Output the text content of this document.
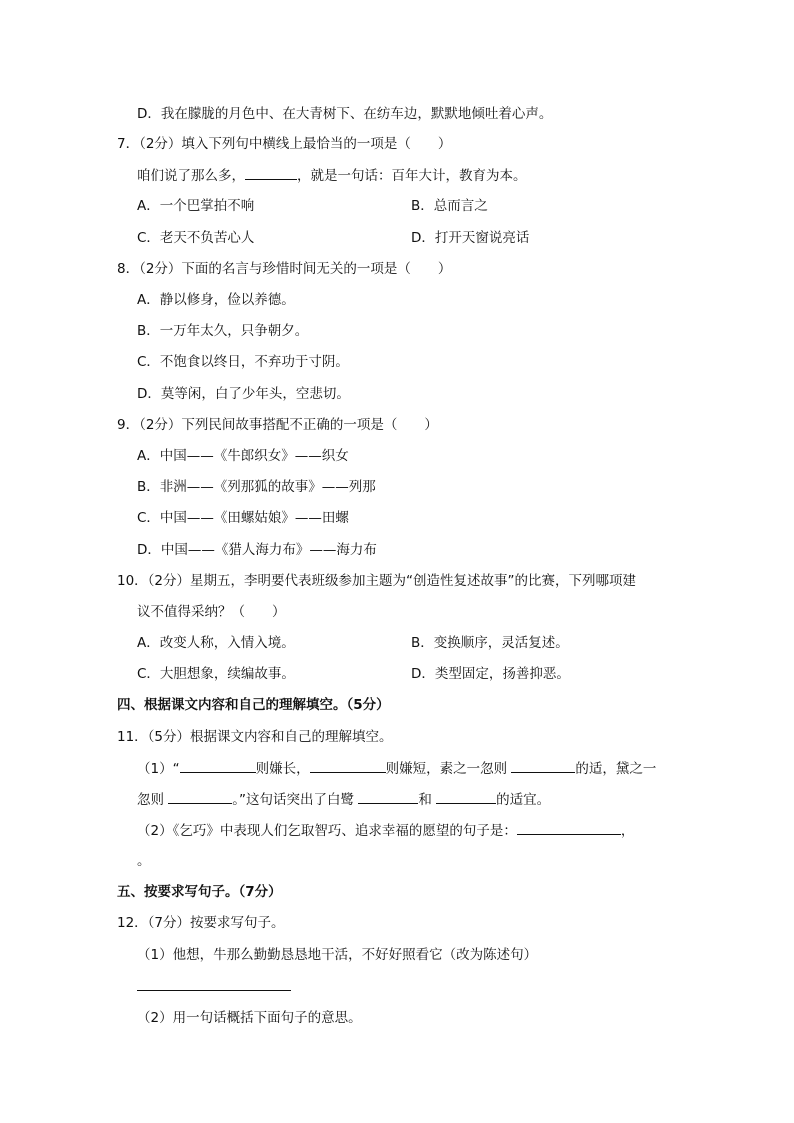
D．我在朦胧的月色中、在大青树下、在纺车边，默默地倾吐着心声。
7．（2分）填入下列句中横线上最恰当的一项是（　　）
咱们说了那么多，	，就是一句话：百年大计，教育为本。
A．一个巴掌拍不响	B．总而言之
C．老天不负苦心人	D．打开天窗说亮话
8．（2分）下面的名言与珍惜时间无关的一项是（　　）
A．静以修身，俭以养德。
B．一万年太久，只争朝夕。
C．不饱食以终日，不弃功于寸阴。
D．莫等闲，白了少年头，空悲切。
9．（2分）下列民间故事搭配不正确的一项是（　　）
A．中国——《牛郎织女》——织女
B．非洲——《列那狐的故事》——列那
C．中国——《田螺姑娘》——田螺
D．中国——《猎人海力布》——海力布
10．（2分）星期五，李明要代表班级参加主题为“创造性复述故事”的比赛，下列哪项建
议不值得采纳？（　　）
A．改变人称，入情入境。	B．变换顺序，灵活复述。
C．大胆想象，续编故事。	D．类型固定，扬善抑恶。
四、根据课文内容和自己的理解填空。（5分）
11．（5分）根据课文内容和自己的理解填空。
（1）“	则嫌长，	则嫌短，素之一忽则	的适，黛之一
忽则	。”这句话突出了白鹭	和	的适宜。
（2）《乞巧》中表现人们乞取智巧、追求幸福的愿望的句子是：	，
。
五、按要求写句子。（7分）
12．（7分）按要求写句子。
（1）他想，牛那么勤勤恳恳地干活，不好好照看它（改为陈述句）
（2）用一句话概括下面句子的意思。
